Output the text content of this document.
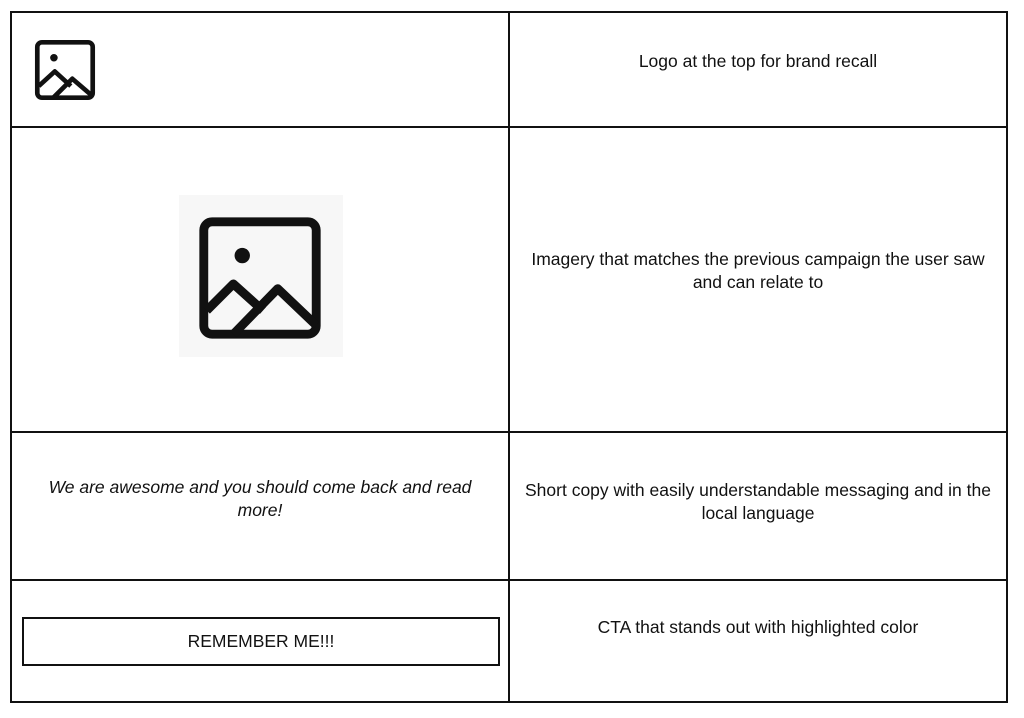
Logo at the top for brand recall
Imagery that matches the previous campaign the user saw and can relate to
We are awesome and you should come back and read more!
Short copy with easily understandable messaging and in the local language
REMEMBER ME!!!
CTA that stands out with highlighted color
